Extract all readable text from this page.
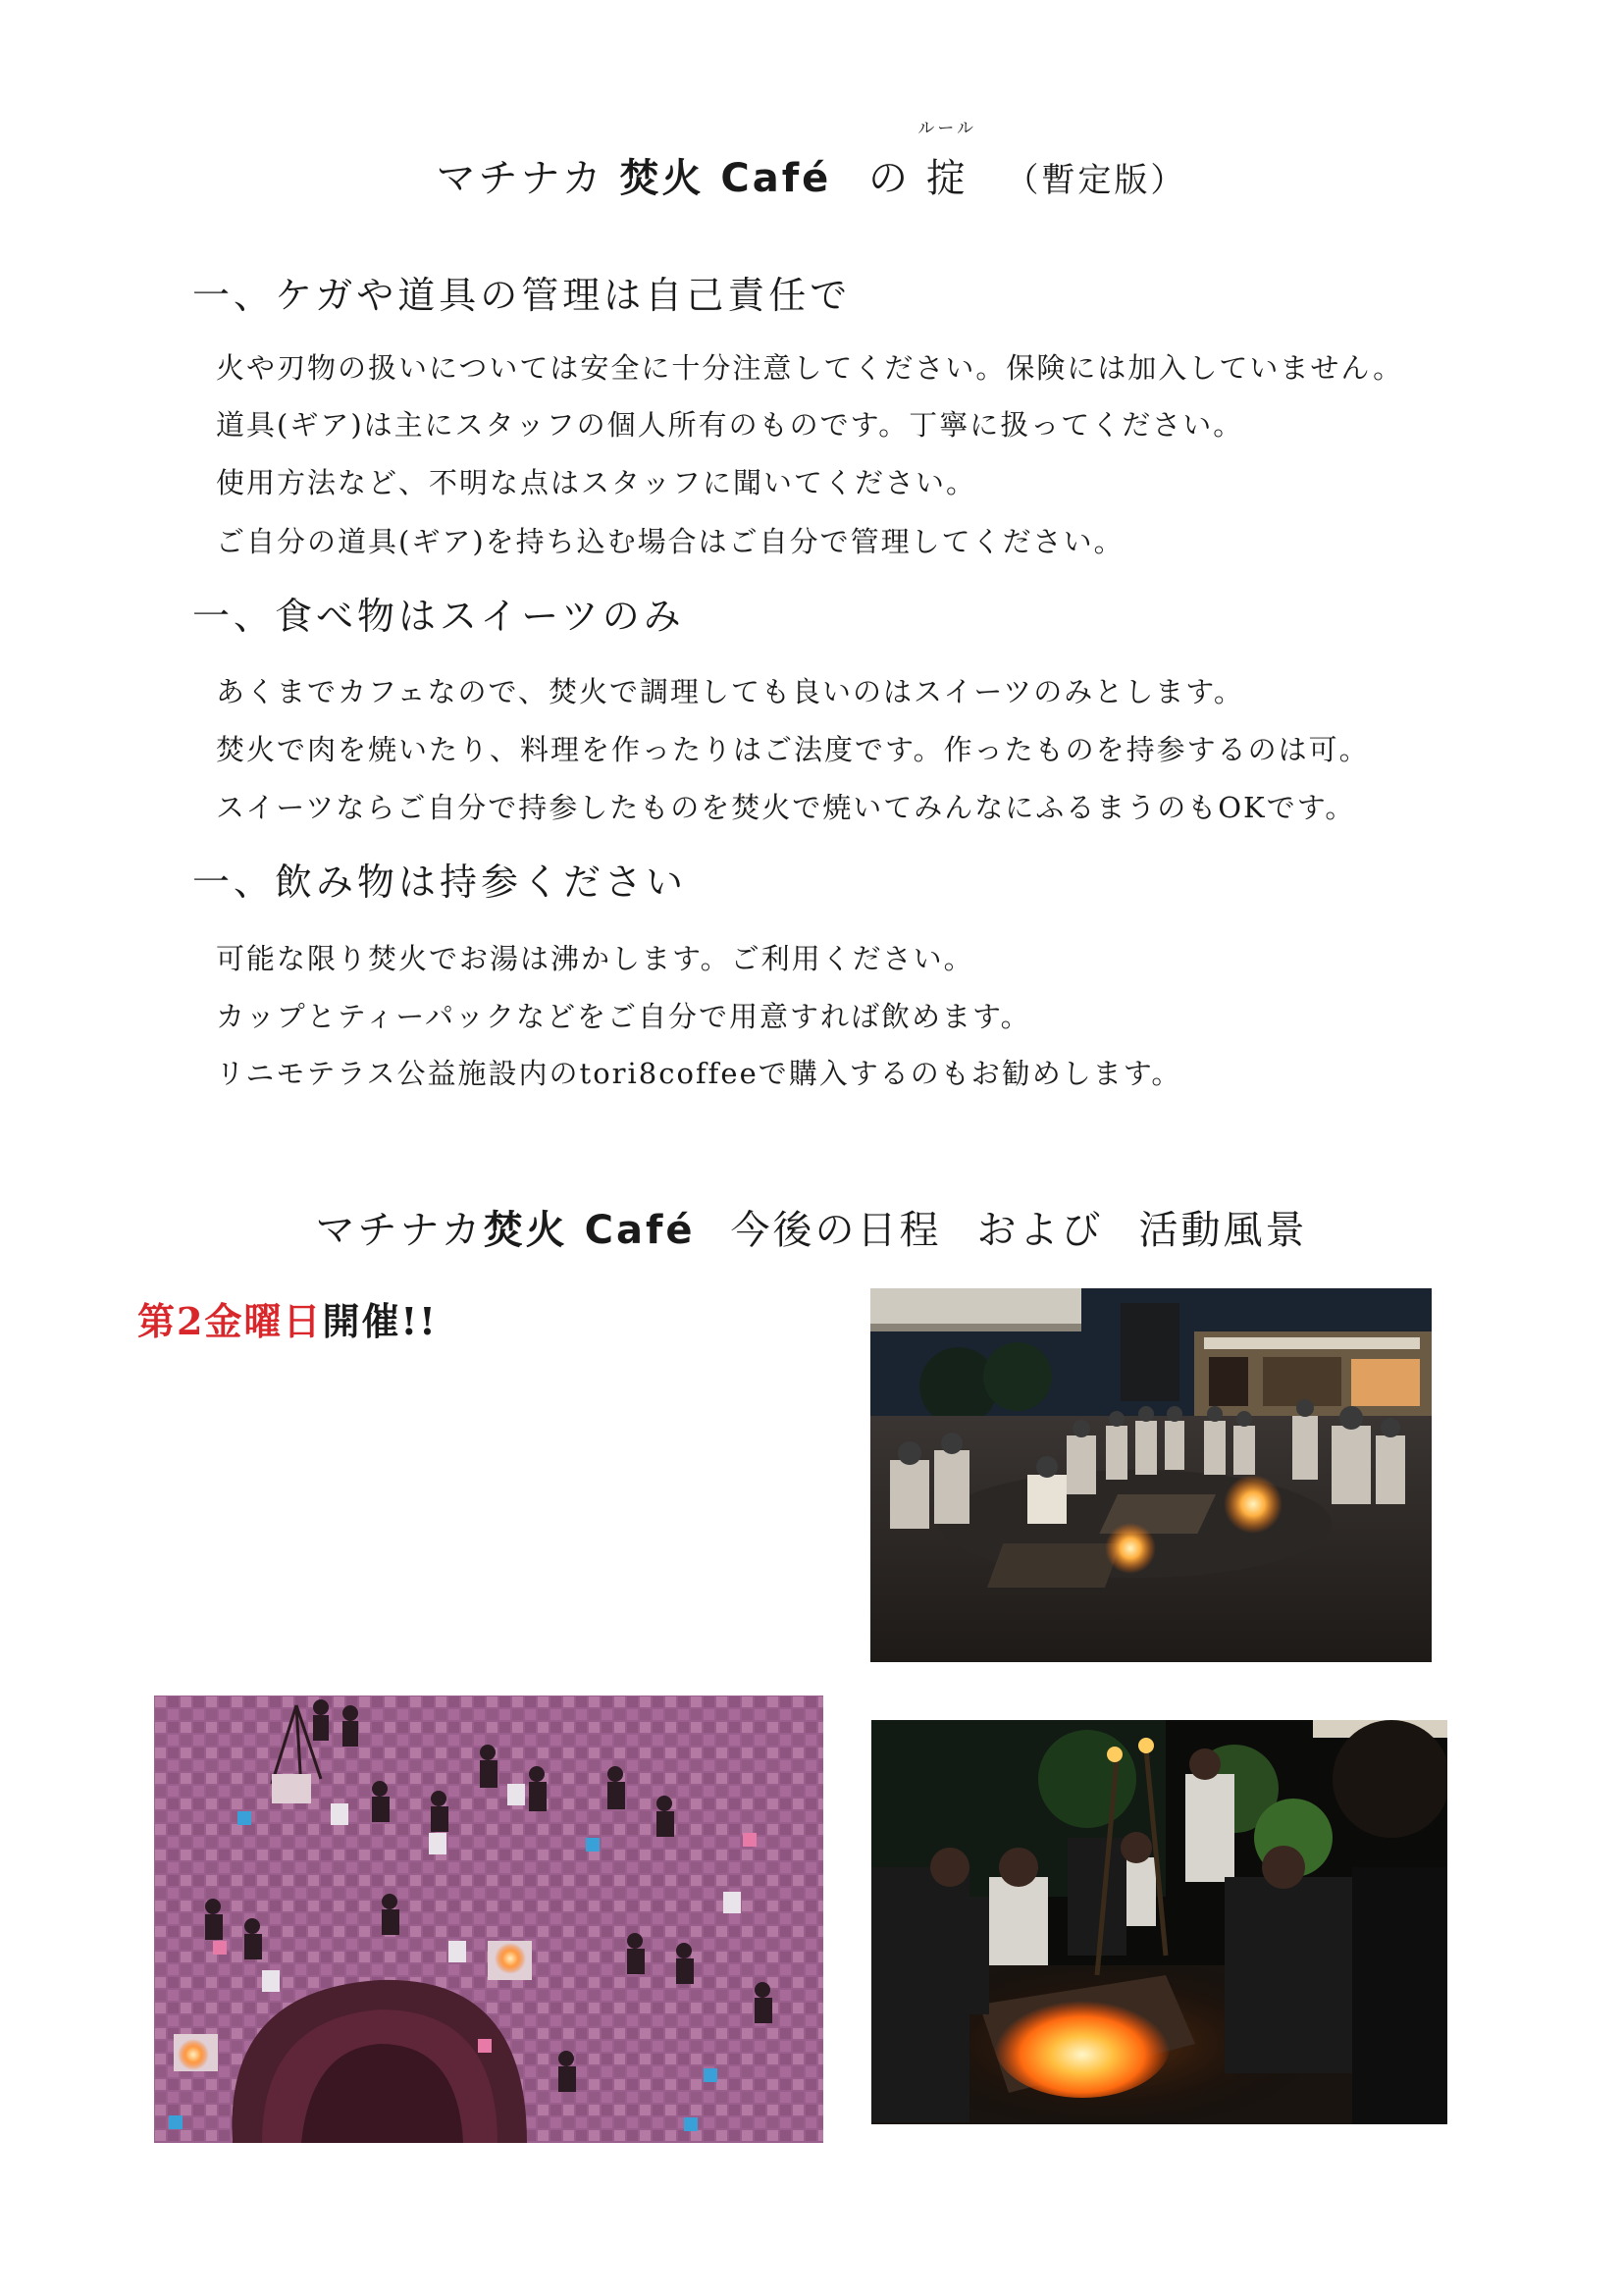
マチナカ 焚火 Café の
ルール
掟 （暫定版）
一、ケガや道具の管理は自己責任で
火や刃物の扱いについては安全に十分注意してください。保険には加入していません。
道具(ギア)は主にスタッフの個人所有のものです。丁寧に扱ってください。
使用方法など、不明な点はスタッフに聞いてください。
ご自分の道具(ギア)を持ち込む場合はご自分で管理してください。
一、食べ物はスイーツのみ
あくまでカフェなので、焚火で調理しても良いのはスイーツのみとします。
焚火で肉を焼いたり、料理を作ったりはご法度です。作ったものを持参するのは可。
スイーツならご自分で持参したものを焚火で焼いてみんなにふるまうのもOKです。
一、飲み物は持参ください
可能な限り焚火でお湯は沸かします。ご利用ください。
カップとティーパックなどをご自分で用意すれば飲めます。
リニモテラス公益施設内のtori8coffeeで購入するのもお勧めします。
マチナカ焚火 Café 今後の日程 および 活動風景
第2金曜日開催!!
